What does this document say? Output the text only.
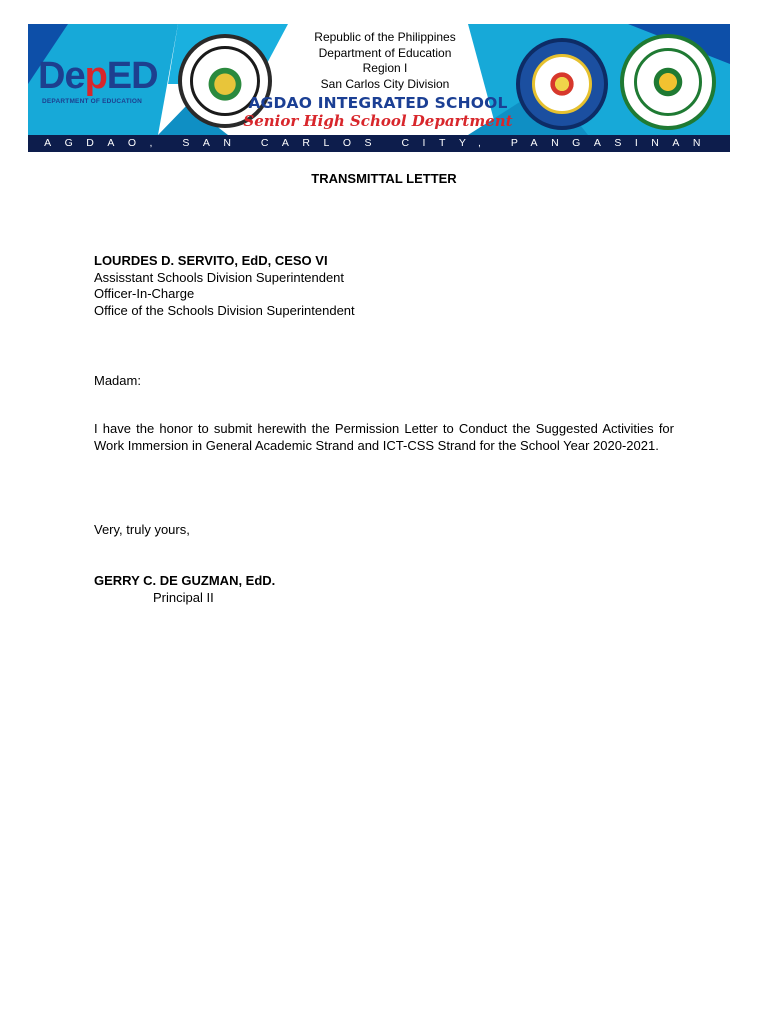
DepED
DEPARTMENT OF EDUCATION
Republic of the Philippines
Department of Education
Region I
San Carlos City Division
AGDAO INTEGRATED SCHOOL
Senior High School Department
AGDAO, SAN CARLOS CITY, PANGASINAN
TRANSMITTAL LETTER
LOURDES D. SERVITO, EdD, CESO VI
Assisstant Schools Division Superintendent
Officer-In-Charge
Office of the Schools Division Superintendent
Madam:
I have the honor to submit herewith the Permission Letter to Conduct the Suggested Activities for Work Immersion in General Academic Strand and ICT-CSS Strand for the School Year 2020-2021.
Very, truly yours,
GERRY C. DE GUZMAN, EdD.
Principal II
